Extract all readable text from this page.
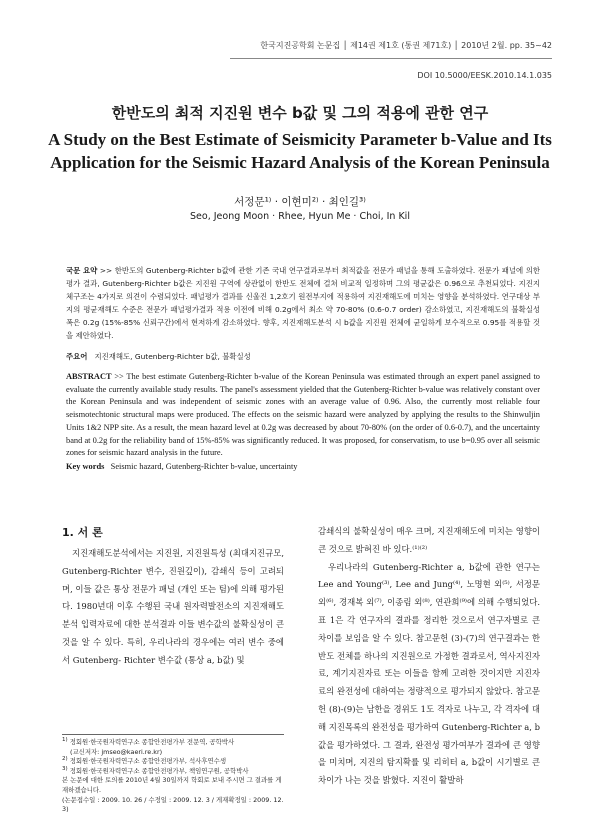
한국지진공학회 논문집 │ 제14권 제1호 (통권 제71호) │ 2010년 2월. pp. 35~42
DOI 10.5000/EESK.2010.14.1.035
한반도의 최적 지진원 변수 b값 및 그의 적용에 관한 연구
A Study on the Best Estimate of Seismicity Parameter b-Value and Its Application for the Seismic Hazard Analysis of the Korean Peninsula
서정문¹⁾ · 이현미²⁾ · 최인길³⁾
Seo, Jeong Moon · Rhee, Hyun Me · Choi, In Kil
국문 요약 >> 한반도의 Gutenberg-Richter b값에 관한 기존 국내 연구결과로부터 최적값을 전문가 패널을 통해 도출하였다. 전문가 패널에 의한 평가 결과, Gutenberg-Richter b값은 지진원 구역에 상관없이 한반도 전체에 걸쳐 비교적 일정하며 그의 평균값은 0.96으로 추천되었다. 지진지체구조는 4가지로 의견이 수렴되었다. 패널평가 결과를 신울진 1,2호기 원전부지에 적용하여 지진재해도에 미치는 영향을 분석하였다. 연구대상 부지의 평균재해도 수준은 전문가 패널평가결과 적용 이전에 비해 0.2g에서 최소 약 70-80% (0.6-0.7 order) 감소하였고, 지진재해도의 불확실성 폭은 0.2g (15%-85% 신뢰구간)에서 현저하게 감소하였다. 향후, 지진재해도분석 시 b값을 지진원 전체에 균일하게 보수적으로 0.95를 적용할 것을 제안하였다.
주요어 지진재해도, Gutenberg-Richter b값, 불확실성
ABSTRACT >> The best estimate Gutenberg-Richter b-value of the Korean Peninsula was estimated through an expert panel assigned to evaluate the currently available study results. The panel's assessment yielded that the Gutenberg-Richter b-value was relatively constant over the Korean Peninsula and was independent of seismic zones with an average value of 0.96. Also, the currently most reliable four seismotechtonic structural maps were produced. The effects on the seismic hazard were analyzed by applying the results to the Shinwuljin Units 1&2 NPP site. As a result, the mean hazard level at 0.2g was decreased by about 70-80% (on the order of 0.6-0.7), and the uncertainty band at 0.2g for the reliability band of 15%-85% was significantly reduced. It was proposed, for conservatism, to use b=0.95 over all seismic zones for seismic hazard analysis in the future.
Key words Seismic hazard, Gutenberg-Richter b-value, uncertainty
1. 서 론
지진재해도분석에서는 지진원, 지진원특성 (최대지진규모, Gutenberg-Richter 변수, 진원깊이), 감쇄식 등이 고려되며, 이들 값은 통상 전문가 패널 (개인 또는 팀)에 의해 평가된다. 1980년대 이후 수행된 국내 원자력발전소의 지진재해도분석 입력자료에 대한 분석결과 이들 변수값의 불확실성이 큰 것을 알 수 있다. 특히, 우리나라의 경우에는 여러 변수 중에서 Gutenberg- Richter 변수값 (통상 a, b값) 및

감쇄식의 불확실성이 매우 크며, 지진재해도에 미치는 영향이 큰 것으로 밝혀진 바 있다.⁽¹⁾⁽²⁾

우리나라의 Gutenberg-Richter a, b값에 관한 연구는 Lee and Young⁽³⁾, Lee and Jung⁽⁴⁾, 노명현 외⁽⁵⁾, 서정문 외⁽⁶⁾, 경재복 외⁽⁷⁾, 이종림 외⁽⁸⁾, 연관희⁽⁹⁾에 의해 수행되었다. 표 1은 각 연구자의 결과를 정리한 것으로서 연구자별로 큰 차이를 보임을 알 수 있다. 참고문헌 (3)-(7)의 연구결과는 한반도 전체를 하나의 지진원으로 가정한 결과로서, 역사지진자료, 계기지진자료 또는 이들을 함께 고려한 것이지만 지진자료의 완전성에 대하여는 정량적으로 평가되지 않았다. 참고문헌 (8)-(9)는 남한을 경위도 1도 격자로 나누고, 각 격자에 대해 지진목록의 완전성을 평가하여 Gutenberg-Richter a, b 값을 평가하였다. 그 결과, 완전성 평가여부가 결과에 큰 영향을 미치며, 지진의 탐지확률 및 리히터 a, b값이 시기별로 큰 차이가 나는 것을 밝혔다. 지진이 활발하

$^{1)}$ 정회원·한국원자력연구소 종합안전평가부 전문역, 공학박사
(교신저자: jmseo@kaeri.re.kr)
$^{2)}$ 정회원·한국원자력연구소 종합안전평가부, 석사후연수생
$^{3)}$ 정회원·한국원자력연구소 종합안전평가부, 책임연구원, 공학박사
본 논문에 대한 토의를 2010년 4월 30일까지 학회로 보내 주시면 그 결과를 게재하겠습니다.
(논문접수일 : 2009. 10. 26 / 수정일 : 2009. 12. 3 / 게재확정일 : 2009. 12. 3)
